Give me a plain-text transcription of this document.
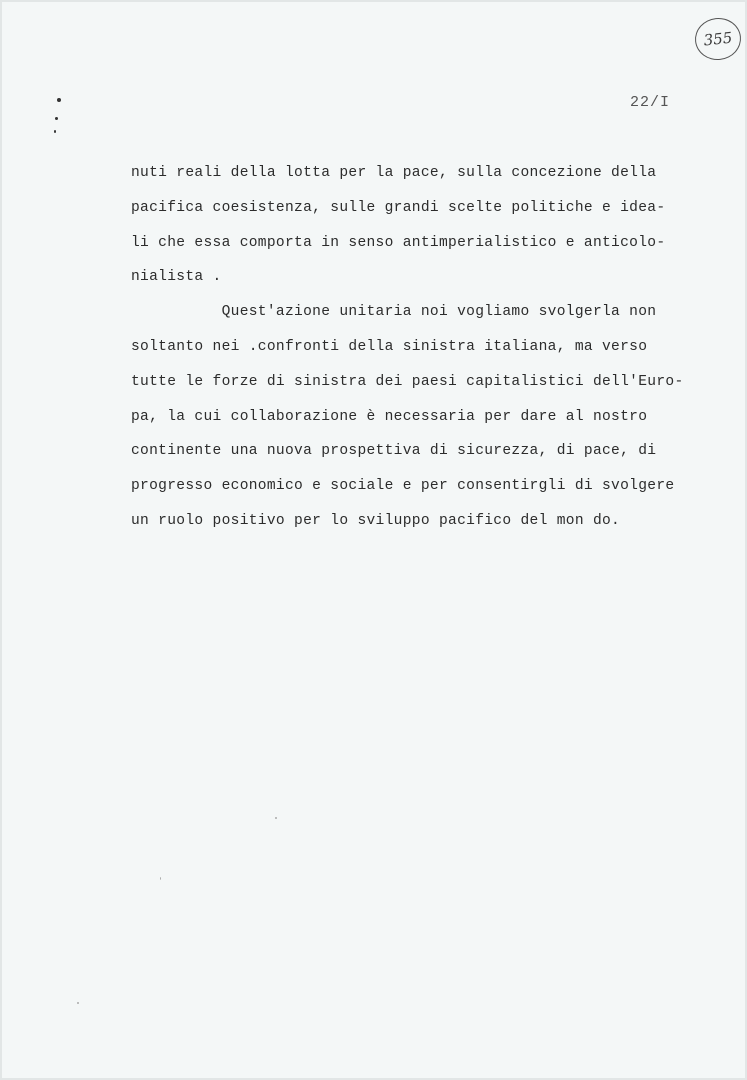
355
22/I
nuti reali della lotta per la pace, sulla concezione della
pacifica coesistenza, sulle grandi scelte politiche e idea-
li che essa comporta in senso antimperialistico e anticolo-
nialista .
Quest'azione unitaria noi vogliamo svolgerla non
soltanto nei .confronti della sinistra italiana, ma verso
tutte le forze di sinistra dei paesi capitalistici dell'Euro-
pa, la cui collaborazione è necessaria per dare al nostro
continente una nuova prospettiva di sicurezza, di pace, di
progresso economico e sociale e per consentirgli di svolgere
un ruolo positivo per lo sviluppo pacifico del mon do.
